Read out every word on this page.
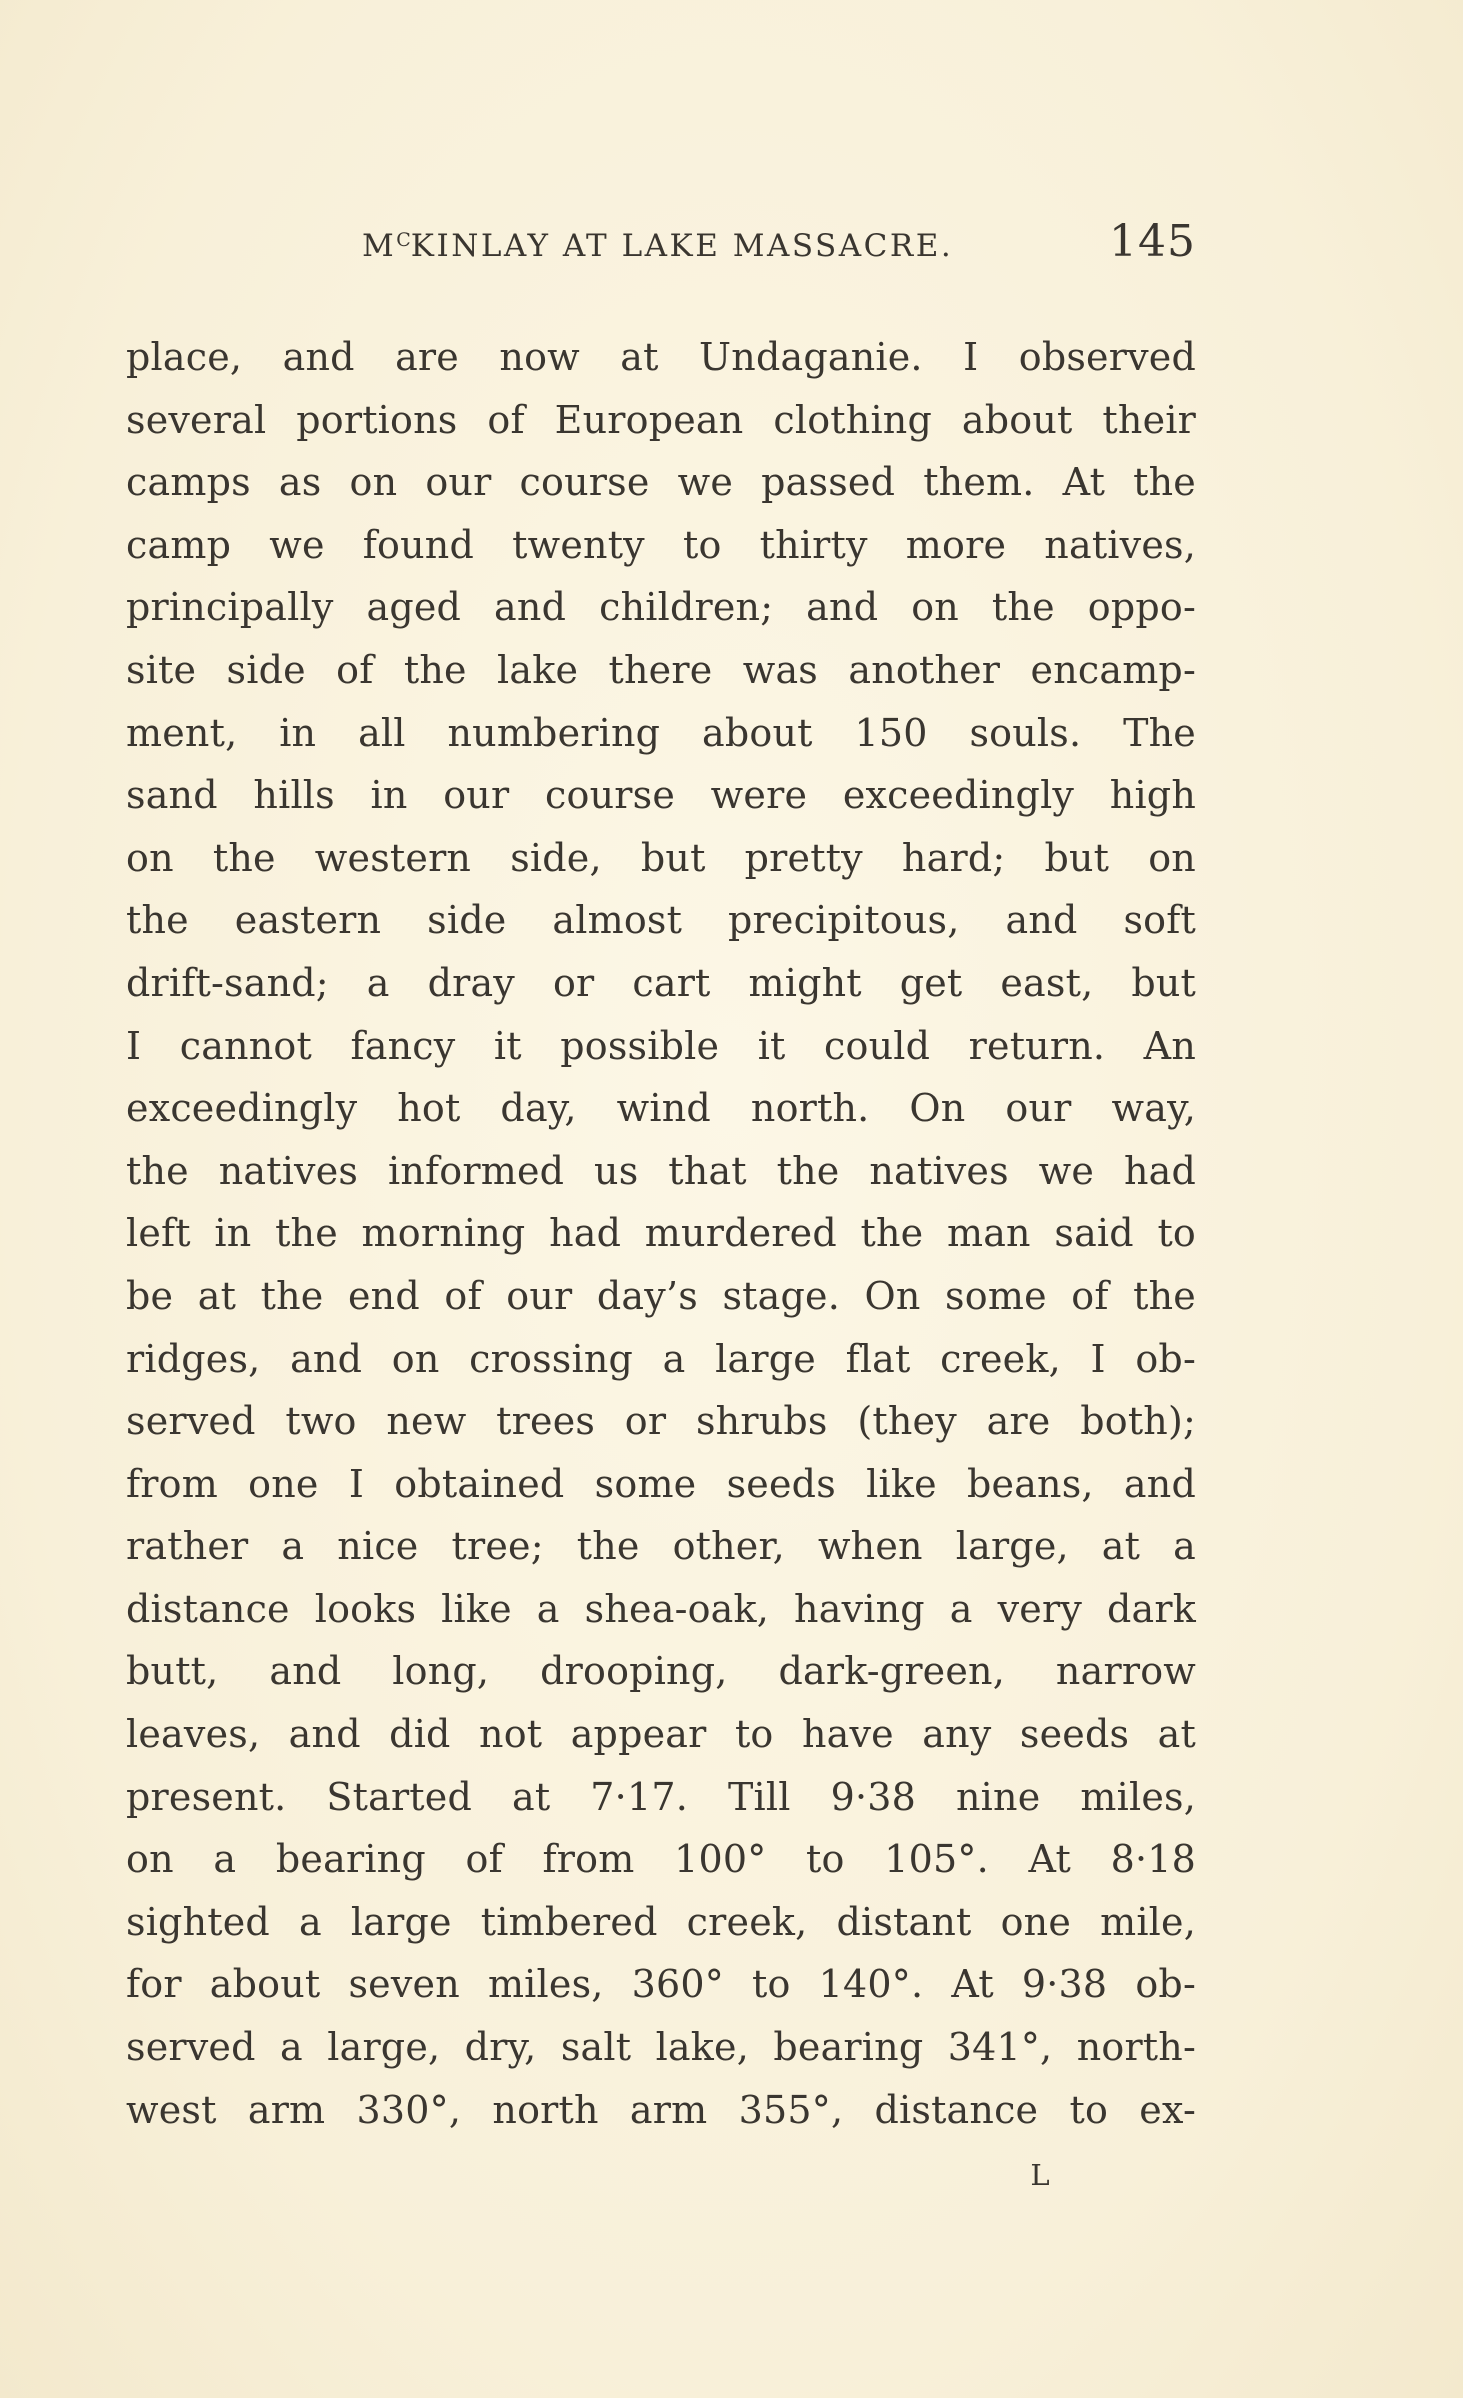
$M^CKINLAY$ AT LAKE MASSACRE.	145
place, and are now at Undaganie. I observed
several portions of European clothing about their
camps as on our course we passed them. At the
camp we found twenty to thirty more natives,
principally aged and children; and on the oppo-
site side of the lake there was another encamp-
ment, in all numbering about 150 souls. The
sand hills in our course were exceedingly high
on the western side, but pretty hard; but on
the eastern side almost precipitous, and soft
drift-sand; a dray or cart might get east, but
I cannot fancy it possible it could return. An
exceedingly hot day, wind north. On our way,
the natives informed us that the natives we had
left in the morning had murdered the man said to
be at the end of our day’s stage. On some of the
ridges, and on crossing a large flat creek, I ob-
served two new trees or shrubs (they are both);
from one I obtained some seeds like beans, and
rather a nice tree; the other, when large, at a
distance looks like a shea-oak, having a very dark
butt, and long, drooping, dark-green, narrow
leaves, and did not appear to have any seeds at
present. Started at 7·17. Till 9·38 nine miles,
on a bearing of from 100° to 105°. At 8·18
sighted a large timbered creek, distant one mile,
for about seven miles, 360° to 140°. At 9·38 ob-
served a large, dry, salt lake, bearing 341°, north-
west arm 330°, north arm 355°, distance to ex-
L
